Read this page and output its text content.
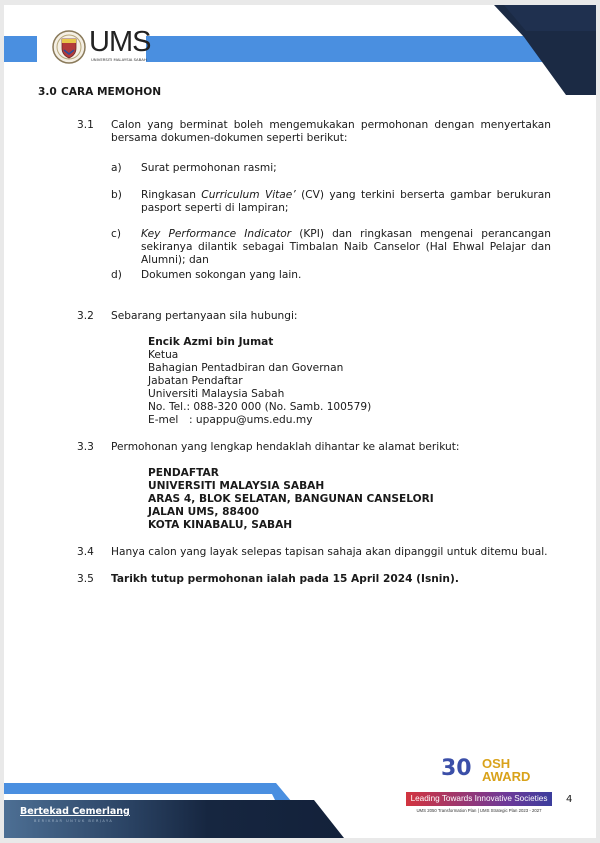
UMS
UNIVERSITI MALAYSIA SABAH
3.0 CARA MEMOHON
3.1 Calon yang berminat boleh mengemukakan permohonan dengan menyertakan bersama dokumen-dokumen seperti berikut:
a) Surat permohonan rasmi;
b) Ringkasan Curriculum Vitae’ (CV) yang terkini berserta gambar berukuran pasport seperti di lampiran;
c) Key Performance Indicator (KPI) dan ringkasan mengenai perancangan sekiranya dilantik sebagai Timbalan Naib Canselor (Hal Ehwal Pelajar dan Alumni); dan
d) Dokumen sokongan yang lain.
3.2 Sebarang pertanyaan sila hubungi:
Encik Azmi bin Jumat
Ketua
Bahagian Pentadbiran dan Governan
Jabatan Pendaftar
Universiti Malaysia Sabah
No. Tel.: 088-320 000 (No. Samb. 100579)
E-mel : upappu@ums.edu.my
3.3 Permohonan yang lengkap hendaklah dihantar ke alamat berikut:
PENDAFTAR
UNIVERSITI MALAYSIA SABAH
ARAS 4, BLOK SELATAN, BANGUNAN CANSELORI
JALAN UMS, 88400
KOTA KINABALU, SABAH
3.4 Hanya calon yang layak selepas tapisan sahaja akan dipanggil untuk ditemu bual.
3.5 Tarikh tutup permohonan ialah pada 15 April 2024 (Isnin).
Bertekad Cemerlang
BERIKRAR UNTUK BERJAYA
30 OSH AWARD
Leading Towards Innovative Societies
UMS 2050 Transformation Plan | UMS Strategic Plan 2023 - 2027
4
